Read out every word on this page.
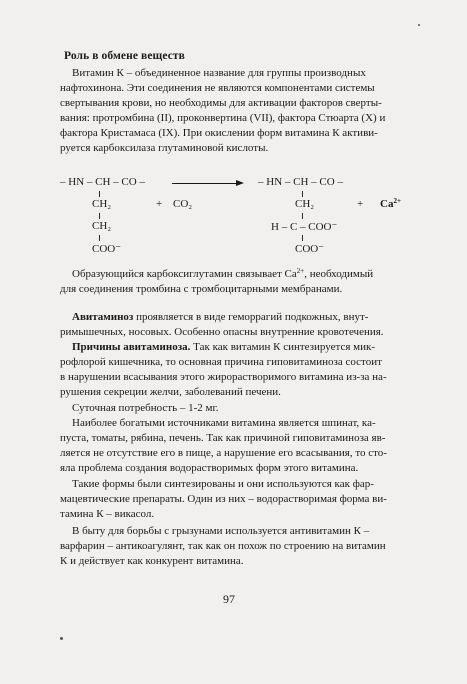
Роль в обмене веществ
Витамин К – объединенное название для группы производных
нафтохинона. Эти соединения не являются компонентами системы
свертывания крови, но необходимы для активации факторов сверты-
вания: протромбина (II), проконвертина (VII), фактора Стюарта (X) и
фактора Кристамаса (IX). При окислении форм витамина К активи-
руется карбоксилаза глутаминовой кислоты.
– HN – CH – CO –
CH₂
CH₂
COO⁻
+ CO₂
– HN – CH – CO –
CH₂
H – C – COO⁻
COO⁻
+ $Ca^{2+}$
Образующийся карбоксиглутамин связывает $Ca^{2+}$, необходимый
для соединения тромбина с тромбоцитарными мембранами.
Авитаминоз проявляется в виде геморрагий подкожных, внут-
римышечных, носовых. Особенно опасны внутренние кровотечения.
Причины авитаминоза. Так как витамин К синтезируется мик-
рофлорой кишечника, то основная причина гиповитаминоза состоит
в нарушении всасывания этого жирорастворимого витамина из-за на-
рушения секреции желчи, заболеваний печени.
Суточная потребность – 1-2 мг.
Наиболее богатыми источниками витамина является шпинат, ка-
пуста, томаты, рябина, печень. Так как причиной гиповитаминоза яв-
ляется не отсутствие его в пище, а нарушение его всасывания, то сто-
яла проблема создания водорастворимых форм этого витамина.
Такие формы были синтезированы и они используются как фар-
мацевтические препараты. Один из них – водорастворимая форма ви-
тамина К – викасол.
В быту для борьбы с грызунами используется антивитамин К –
варфарин – антикоагулянт, так как он похож по строению на витамин
К и действует как конкурент витамина.
97
